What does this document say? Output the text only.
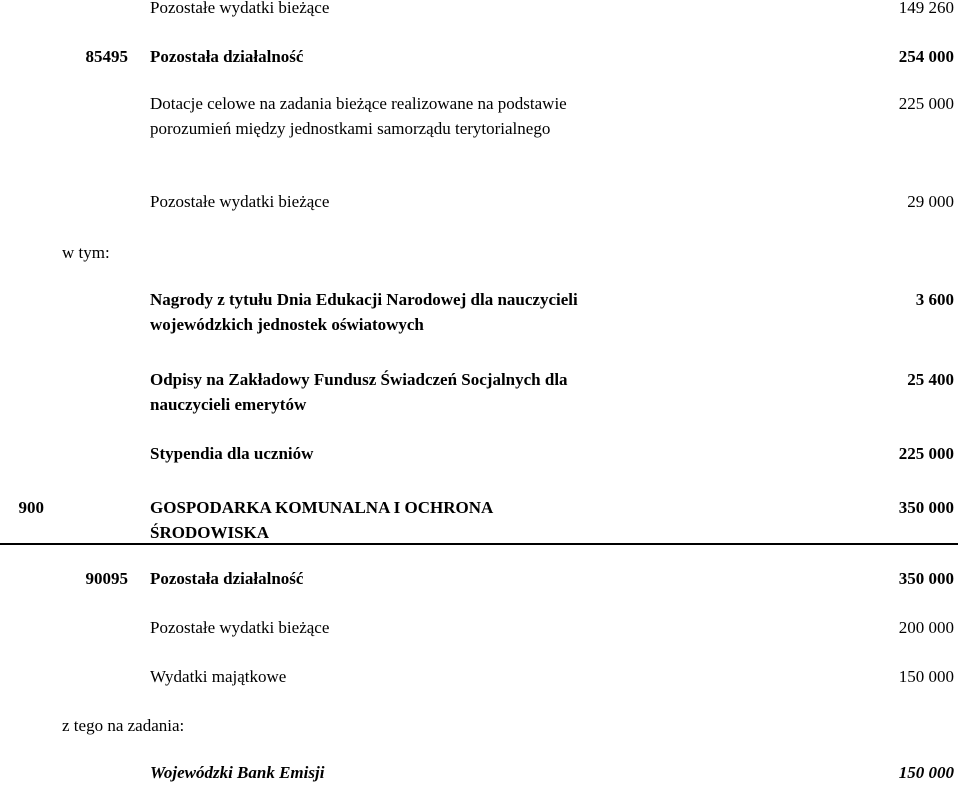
Pozostałe wydatki bieżące	149 260
85495 Pozostała działalność	254 000
Dotacje celowe na zadania bieżące realizowane na podstawie
porozumień między jednostkami samorządu terytorialnego
225 000
Pozostałe wydatki bieżące	29 000
w tym:
Nagrody z tytułu Dnia Edukacji Narodowej dla nauczycieli
wojewódzkich jednostek oświatowych
3 600
Odpisy na Zakładowy Fundusz Świadczeń Socjalnych dla
nauczycieli emerytów
25 400
Stypendia dla uczniów	225 000
900	GOSPODARKA KOMUNALNA I OCHRONA
ŚRODOWISKA
350 000
90095 Pozostała działalność	350 000
Pozostałe wydatki bieżące	200 000
Wydatki majątkowe	150 000
z tego na zadania:
Wojewódzki Bank Emisji	150 000
